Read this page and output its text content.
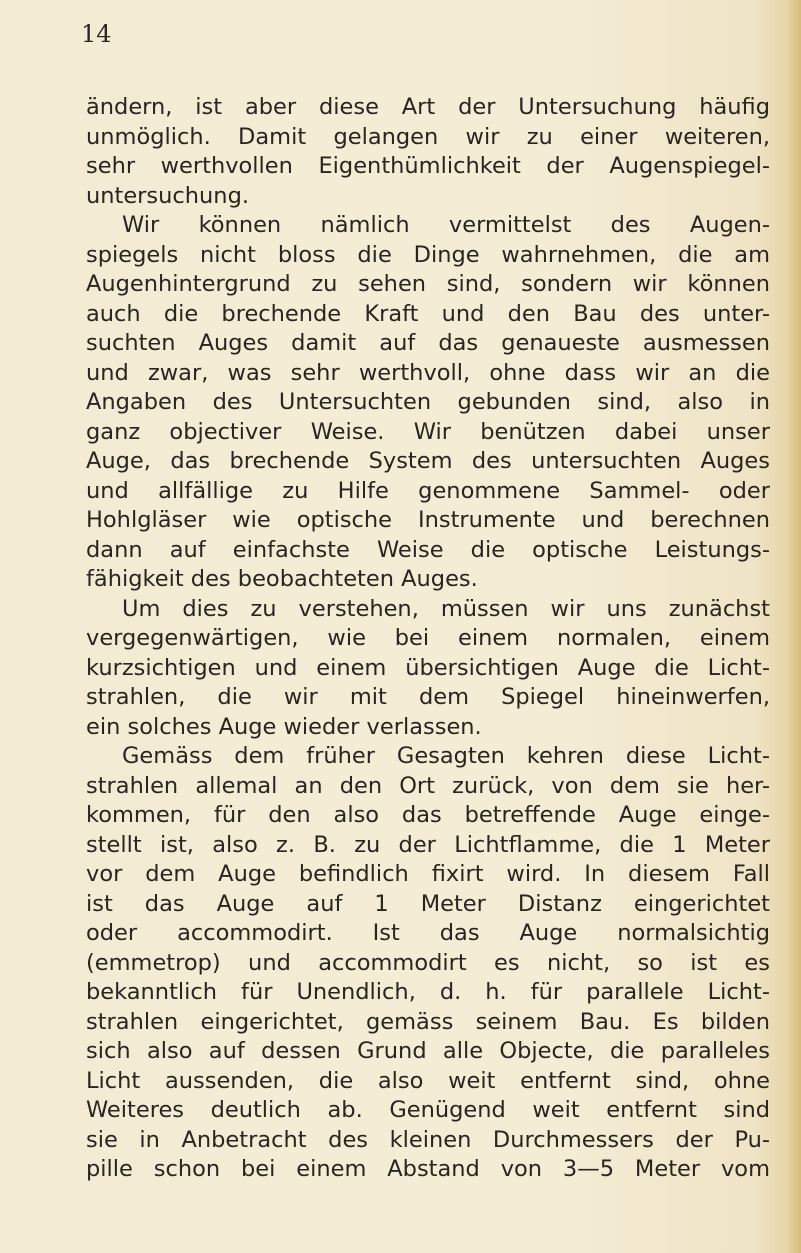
14
ändern, ist aber diese Art der Untersuchung häufig
unmöglich. Damit gelangen wir zu einer weiteren,
sehr werthvollen Eigenthümlichkeit der Augenspiegel-
untersuchung.
Wir können nämlich vermittelst des Augen-
spiegels nicht bloss die Dinge wahrnehmen, die am
Augenhintergrund zu sehen sind, sondern wir können
auch die brechende Kraft und den Bau des unter-
suchten Auges damit auf das genaueste ausmessen
und zwar, was sehr werthvoll, ohne dass wir an die
Angaben des Untersuchten gebunden sind, also in
ganz objectiver Weise. Wir benützen dabei unser
Auge, das brechende System des untersuchten Auges
und allfällige zu Hilfe genommene Sammel- oder
Hohlgläser wie optische Instrumente und berechnen
dann auf einfachste Weise die optische Leistungs-
fähigkeit des beobachteten Auges.
Um dies zu verstehen, müssen wir uns zunächst
vergegenwärtigen, wie bei einem normalen, einem
kurzsichtigen und einem übersichtigen Auge die Licht-
strahlen, die wir mit dem Spiegel hineinwerfen,
ein solches Auge wieder verlassen.
Gemäss dem früher Gesagten kehren diese Licht-
strahlen allemal an den Ort zurück, von dem sie her-
kommen, für den also das betreffende Auge einge-
stellt ist, also z. B. zu der Lichtflamme, die 1 Meter
vor dem Auge befindlich fixirt wird. In diesem Fall
ist das Auge auf 1 Meter Distanz eingerichtet
oder accommodirt. Ist das Auge normalsichtig
(emmetrop) und accommodirt es nicht, so ist es
bekanntlich für Unendlich, d. h. für parallele Licht-
strahlen eingerichtet, gemäss seinem Bau. Es bilden
sich also auf dessen Grund alle Objecte, die paralleles
Licht aussenden, die also weit entfernt sind, ohne
Weiteres deutlich ab. Genügend weit entfernt sind
sie in Anbetracht des kleinen Durchmessers der Pu-
pille schon bei einem Abstand von 3—5 Meter vom
